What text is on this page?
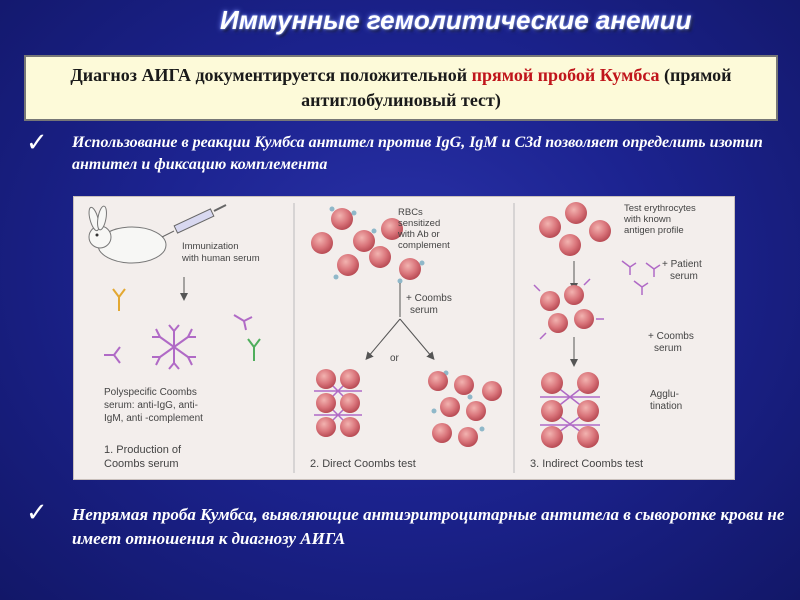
Иммунные гемолитические анемии
Диагноз АИГА документируется положительной прямой пробой Кумбса (прямой антиглобулиновый тест)
✓ Использование в реакции Кумбса антител против IgG, IgM и C3d позволяет определить изотип антител и фиксацию комплемента
Immunization with human serum
Polyspecific Coombs serum: anti-IgG, anti- IgM, anti -complement
1. Production of Coombs serum
RBCs sensitized with Ab or complement
+ Coombs serum
or
2. Direct Coombs test
Test erythrocytes with known antigen profile
+ Patient serum
+ Coombs serum
Agglu- tination
3. Indirect Coombs test
✓ Непрямая проба Кумбса, выявляющие антиэритроцитарные антитела в сыворотке крови не имеет отношения к диагнозу АИГА
